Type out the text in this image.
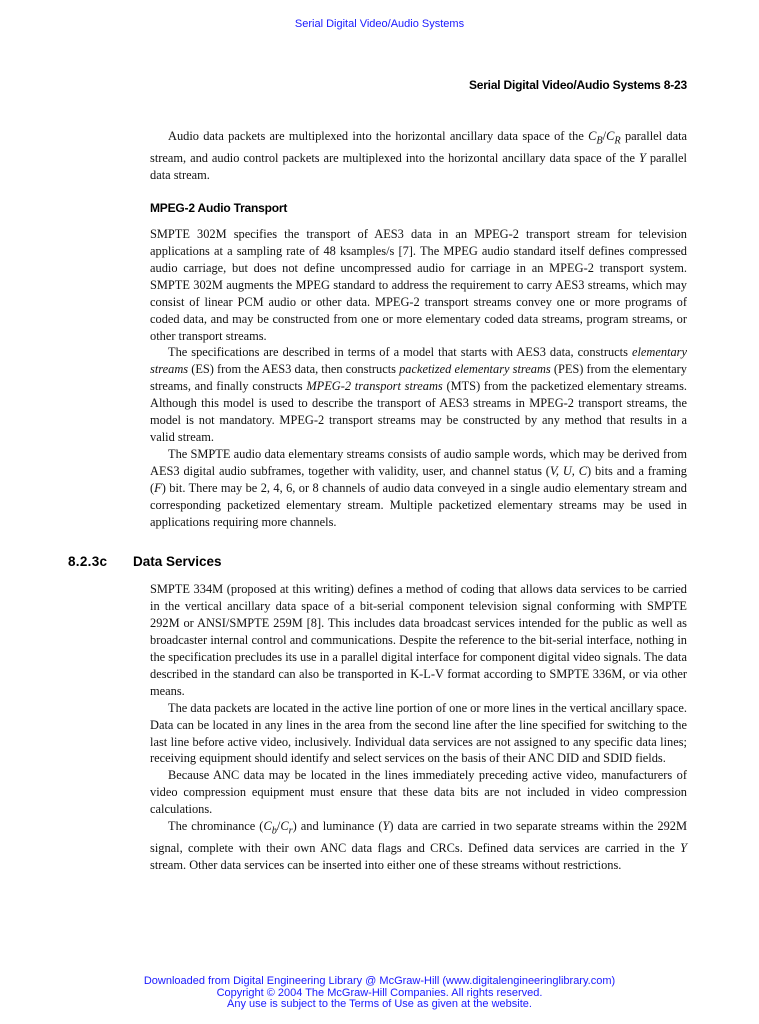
Serial Digital Video/Audio Systems
Serial Digital Video/Audio Systems 8-23

Audio data packets are multiplexed into the horizontal ancillary data space of the $C_B/C_R$ parallel data stream, and audio control packets are multiplexed into the horizontal ancillary data space of the Y parallel data stream.

MPEG-2 Audio Transport

SMPTE 302M specifies the transport of AES3 data in an MPEG-2 transport stream for television applications at a sampling rate of 48 ksamples/s [7]. The MPEG audio standard itself defines compressed audio carriage, but does not define uncompressed audio for carriage in an MPEG-2 transport system. SMPTE 302M augments the MPEG standard to address the requirement to carry AES3 streams, which may consist of linear PCM audio or other data. MPEG-2 transport streams convey one or more programs of coded data, and may be constructed from one or more elementary coded data streams, program streams, or other transport streams.

The specifications are described in terms of a model that starts with AES3 data, constructs elementary streams (ES) from the AES3 data, then constructs packetized elementary streams (PES) from the elementary streams, and finally constructs MPEG-2 transport streams (MTS) from the packetized elementary streams. Although this model is used to describe the transport of AES3 streams in MPEG-2 transport streams, the model is not mandatory. MPEG-2 transport streams may be constructed by any method that results in a valid stream.

The SMPTE audio data elementary streams consists of audio sample words, which may be derived from AES3 digital audio subframes, together with validity, user, and channel status (V, U, C) bits and a framing (F) bit. There may be 2, 4, 6, or 8 channels of audio data conveyed in a single audio elementary stream and corresponding packetized elementary stream. Multiple packetized elementary streams may be used in applications requiring more channels.

8.2.3c Data Services

SMPTE 334M (proposed at this writing) defines a method of coding that allows data services to be carried in the vertical ancillary data space of a bit-serial component television signal conforming with SMPTE 292M or ANSI/SMPTE 259M [8]. This includes data broadcast services intended for the public as well as broadcaster internal control and communications. Despite the reference to the bit-serial interface, nothing in the specification precludes its use in a parallel digital interface for component digital video signals. The data described in the standard can also be transported in K-L-V format according to SMPTE 336M, or via other means.

The data packets are located in the active line portion of one or more lines in the vertical ancillary space. Data can be located in any lines in the area from the second line after the line specified for switching to the last line before active video, inclusively. Individual data services are not assigned to any specific data lines; receiving equipment should identify and select services on the basis of their ANC DID and SDID fields.

Because ANC data may be located in the lines immediately preceding active video, manufacturers of video compression equipment must ensure that these data bits are not included in video compression calculations.

The chrominance $(C_b/C_r)$ and luminance (Y) data are carried in two separate streams within the 292M signal, complete with their own ANC data flags and CRCs. Defined data services are carried in the Y stream. Other data services can be inserted into either one of these streams without restrictions.

Downloaded from Digital Engineering Library @ McGraw-Hill (www.digitalengineeringlibrary.com)
Copyright © 2004 The McGraw-Hill Companies. All rights reserved.
Any use is subject to the Terms of Use as given at the website.
